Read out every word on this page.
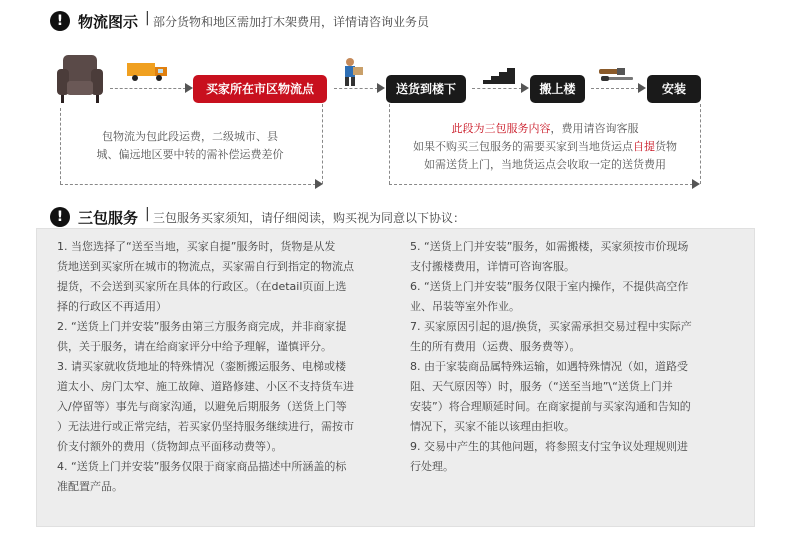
! 物流图示 | 部分货物和地区需加打木架费用，详情请咨询业务员
买家所在市区物流点	送货到楼下	搬上楼	安装
包物流为包此段运费，二级城市、县
城、偏远地区要中转的需补偿运费差价
此段为三包服务内容，费用请咨询客服
如果不购买三包服务的需要买家到当地货运点自提货物
如需送货上门，当地货运点会收取一定的送货费用
! 三包服务 | 三包服务买家须知，请仔细阅读，购买视为同意以下协议：
1. 当您选择了“送至当地，买家自提”服务时，货物是从发
货地送到买家所在城市的物流点，买家需自行到指定的物流点
提货，不会送到买家所在具体的行政区。（在detail页面上选
择的行政区不再适用）
2. “送货上门并安装”服务由第三方服务商完成，并非商家提
供，关于服务，请在给商家评分中给予理解，谨慎评分。
3. 请买家就收货地址的特殊情况（銮断搬运服务、电梯或楼
道太小、房门太窄、施工故障、道路修建、小区不支持货车进
入/停留等）事先与商家沟通，以避免后期服务（送货上门等
）无法进行或正常完结，若买家仍坚持服务继续进行，需按市
价支付额外的费用（货物卸点平面移动费等）。
4. “送货上门并安装”服务仅限于商家商品描述中所涵盖的标
准配置产品。
5. “送货上门并安装”服务，如需搬楼，买家须按市价现场
支付搬楼费用，详情可咨询客服。
6. “送货上门并安装”服务仅限于室内操作，不提供高空作
业、吊装等室外作业。
7. 买家原因引起的退/换货，买家需承担交易过程中实际产
生的所有费用（运费、服务费等）。
8. 由于家装商品属特殊运输，如遇特殊情况（如，道路受
阻、天气原因等）时，服务（“送至当地”\“送货上门并
安装”）将合理顺延时间。在商家提前与买家沟通和告知的
情况下，买家不能以该理由拒收。
9. 交易中产生的其他问题，将参照支付宝争议处理规则进
行处理。
